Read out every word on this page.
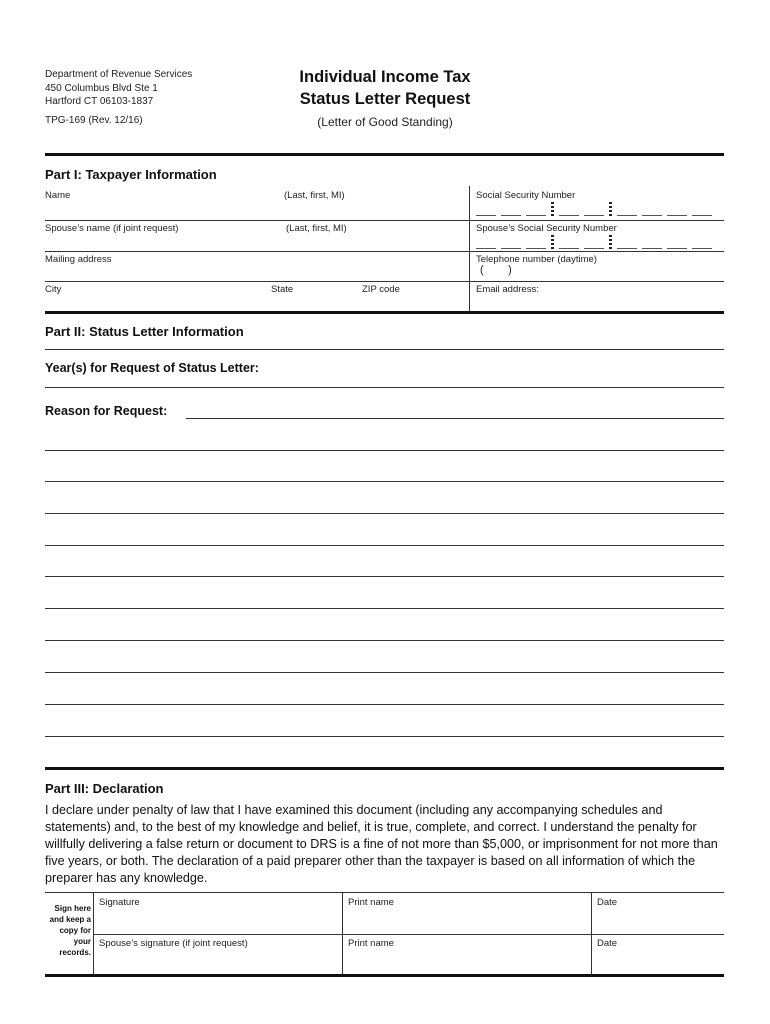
Department of Revenue Services
450 Columbus Blvd Ste 1
Hartford CT 06103-1837
TPG-169 (Rev. 12/16)
Individual Income Tax
Status Letter Request
(Letter of Good Standing)
Part I: Taxpayer Information
Name	(Last, first, MI)	Social Security Number
Spouse’s name (if joint request)	(Last, first, MI)	Spouse’s Social Security Number
Mailing address	Telephone number (daytime)
(        )
City	State	ZIP code	Email address:
Part II: Status Letter Information
Year(s) for Request of Status Letter:
Reason for Request:
Part III: Declaration
I declare under penalty of law that I have examined this document (including any accompanying schedules and statements) and, to the best of my knowledge and belief, it is true, complete, and correct. I understand the penalty for willfully delivering a false return or document to DRS is a fine of not more than $5,000, or imprisonment for not more than five years, or both. The declaration of a paid preparer other than the taxpayer is based on all information of which the preparer has any knowledge.
Sign here and keep a copy for your records.
Signature	Print name	Date
Spouse’s signature (if joint request)	Print name	Date
